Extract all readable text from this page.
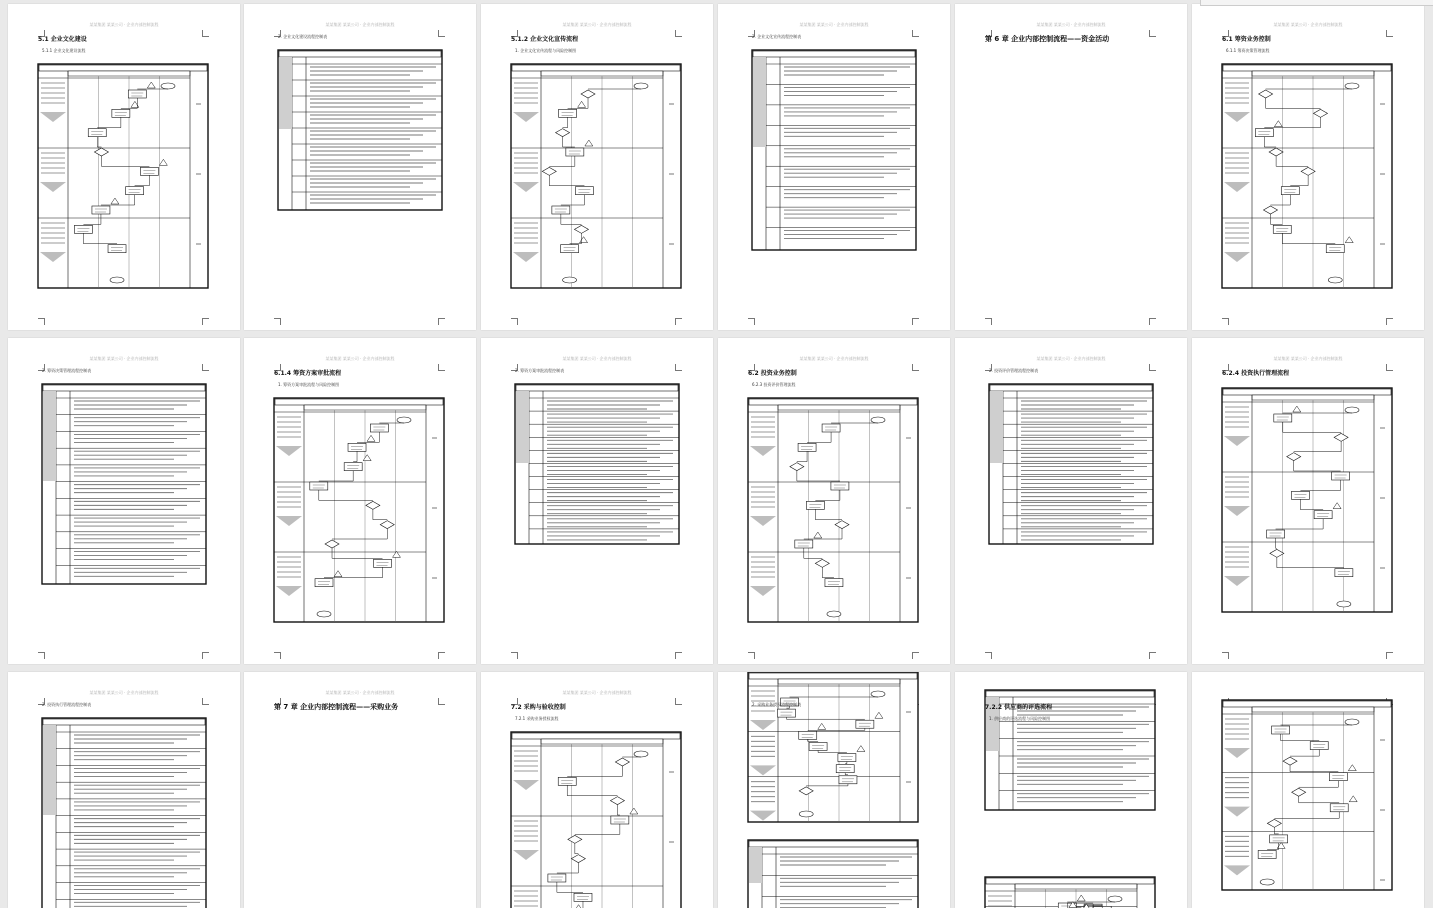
某某集团 某某公司 · 企业内部控制流程
5.1 企业文化建设
5.1.1 企业文化建设流程
某某集团 某某公司 · 企业内部控制流程
2. 企业文化建设流程控制表
某某集团 某某公司 · 企业内部控制流程
5.1.2 企业文化宣传流程
1. 企业文化宣传流程与风险控制图
某某集团 某某公司 · 企业内部控制流程
2. 企业文化宣传流程控制表
某某集团 某某公司 · 企业内部控制流程
第 6 章 企业内部控制流程——资金活动
某某集团 某某公司 · 企业内部控制流程
6.1 筹资业务控制
6.1.1 筹资决策管理流程
某某集团 某某公司 · 企业内部控制流程
2. 筹资决策管理流程控制表
某某集团 某某公司 · 企业内部控制流程
6.1.4 筹资方案审批流程
1. 筹资方案审批流程与风险控制图
某某集团 某某公司 · 企业内部控制流程
2. 筹资方案审批流程控制表
某某集团 某某公司 · 企业内部控制流程
6.2 投资业务控制
6.2.3 投资评价管理流程
某某集团 某某公司 · 企业内部控制流程
2. 投资评价管理流程控制表
某某集团 某某公司 · 企业内部控制流程
6.2.4 投资执行管理流程
某某集团 某某公司 · 企业内部控制流程
2. 投资执行管理流程控制表
某某集团 某某公司 · 企业内部控制流程
第 7 章 企业内部控制流程——采购业务
某某集团 某某公司 · 企业内部控制流程
7.2 采购与验收控制
7.2.1 采购业务授权流程
2. 采购业务授权流程控制表	7.2.2 供应商的评选流程
1. 供应商的评选流程与风险控制图
